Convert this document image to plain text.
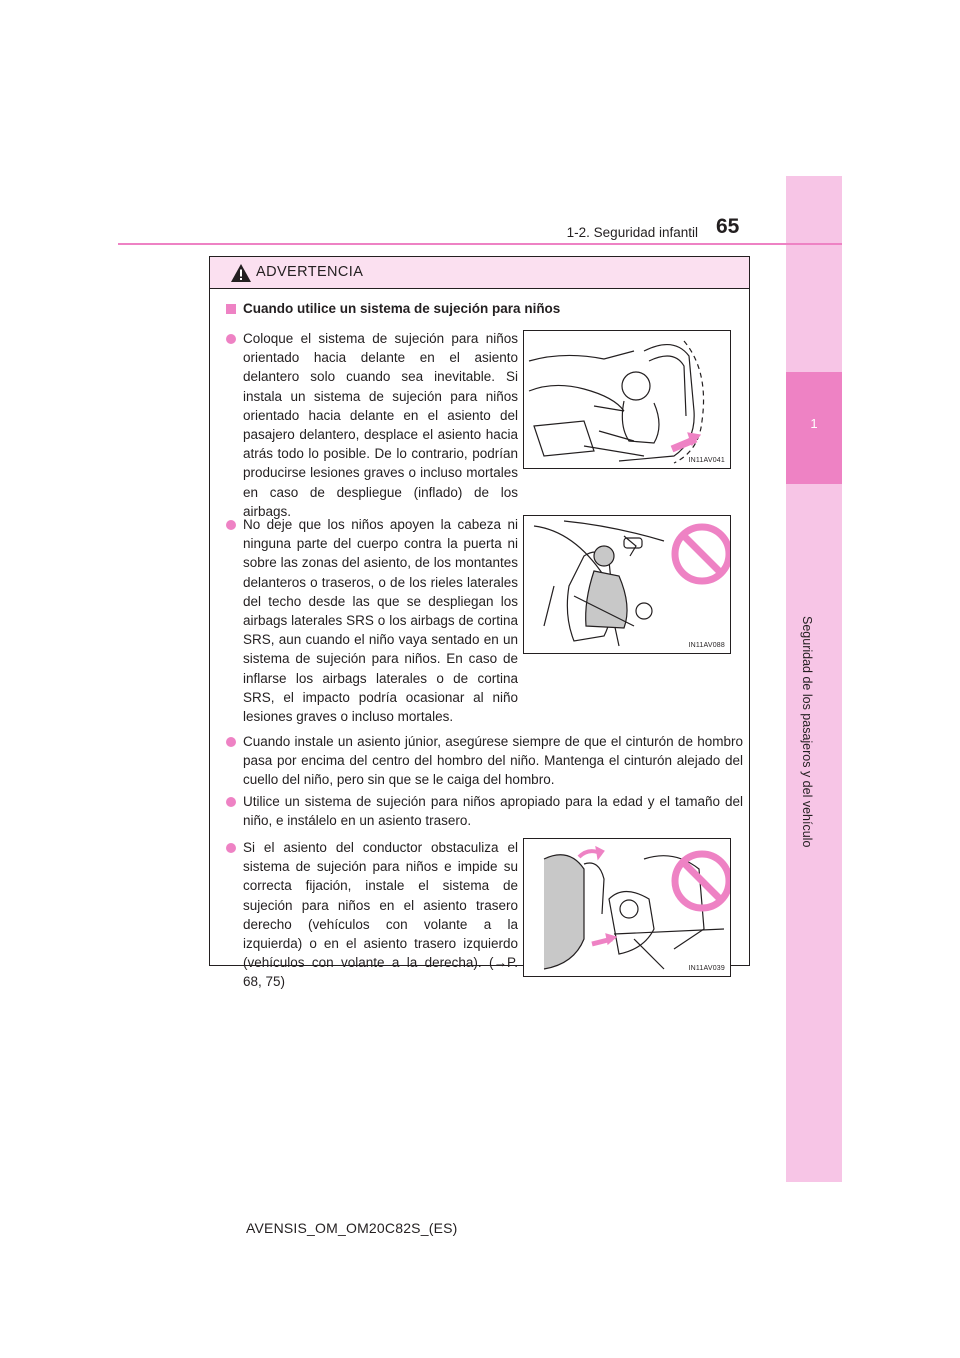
Seguridad de los pasajeros y del vehículo
1
1-2. Seguridad infantil 65
ADVERTENCIA
Cuando utilice un sistema de sujeción para niños
Coloque el sistema de sujeción para niños orientado hacia delante en el asiento delantero solo cuando sea inevitable. Si instala un sistema de sujeción para niños orientado hacia delante en el asiento del pasajero delantero, desplace el asiento hacia atrás todo lo posible. De lo contrario, podrían producirse lesiones graves o incluso mortales en caso de despliegue (inflado) de los airbags.
No deje que los niños apoyen la cabeza ni ninguna parte del cuerpo contra la puerta ni sobre las zonas del asiento, de los montantes delanteros o traseros, o de los rieles laterales del techo desde las que se despliegan los airbags laterales SRS o los airbags de cortina SRS, aun cuando el niño vaya sentado en un sistema de sujeción para niños. En caso de inflarse los airbags laterales o de cortina SRS, el impacto podría ocasionar al niño lesiones graves o incluso mortales.
Cuando instale un asiento júnior, asegúrese siempre de que el cinturón de hombro pasa por encima del centro del hombro del niño. Mantenga el cinturón alejado del cuello del niño, pero sin que se le caiga del hombro.
Utilice un sistema de sujeción para niños apropiado para la edad y el tamaño del niño, e instálelo en un asiento trasero.
Si el asiento del conductor obstaculiza el sistema de sujeción para niños e impide su correcta fijación, instale el sistema de sujeción para niños en el asiento trasero derecho (vehículos con volante a la izquierda) o en el asiento trasero izquierdo (vehículos con volante a la derecha). (→P. 68, 75)
IN11AV041
IN11AV088
IN11AV039
AVENSIS_OM_OM20C82S_(ES)
